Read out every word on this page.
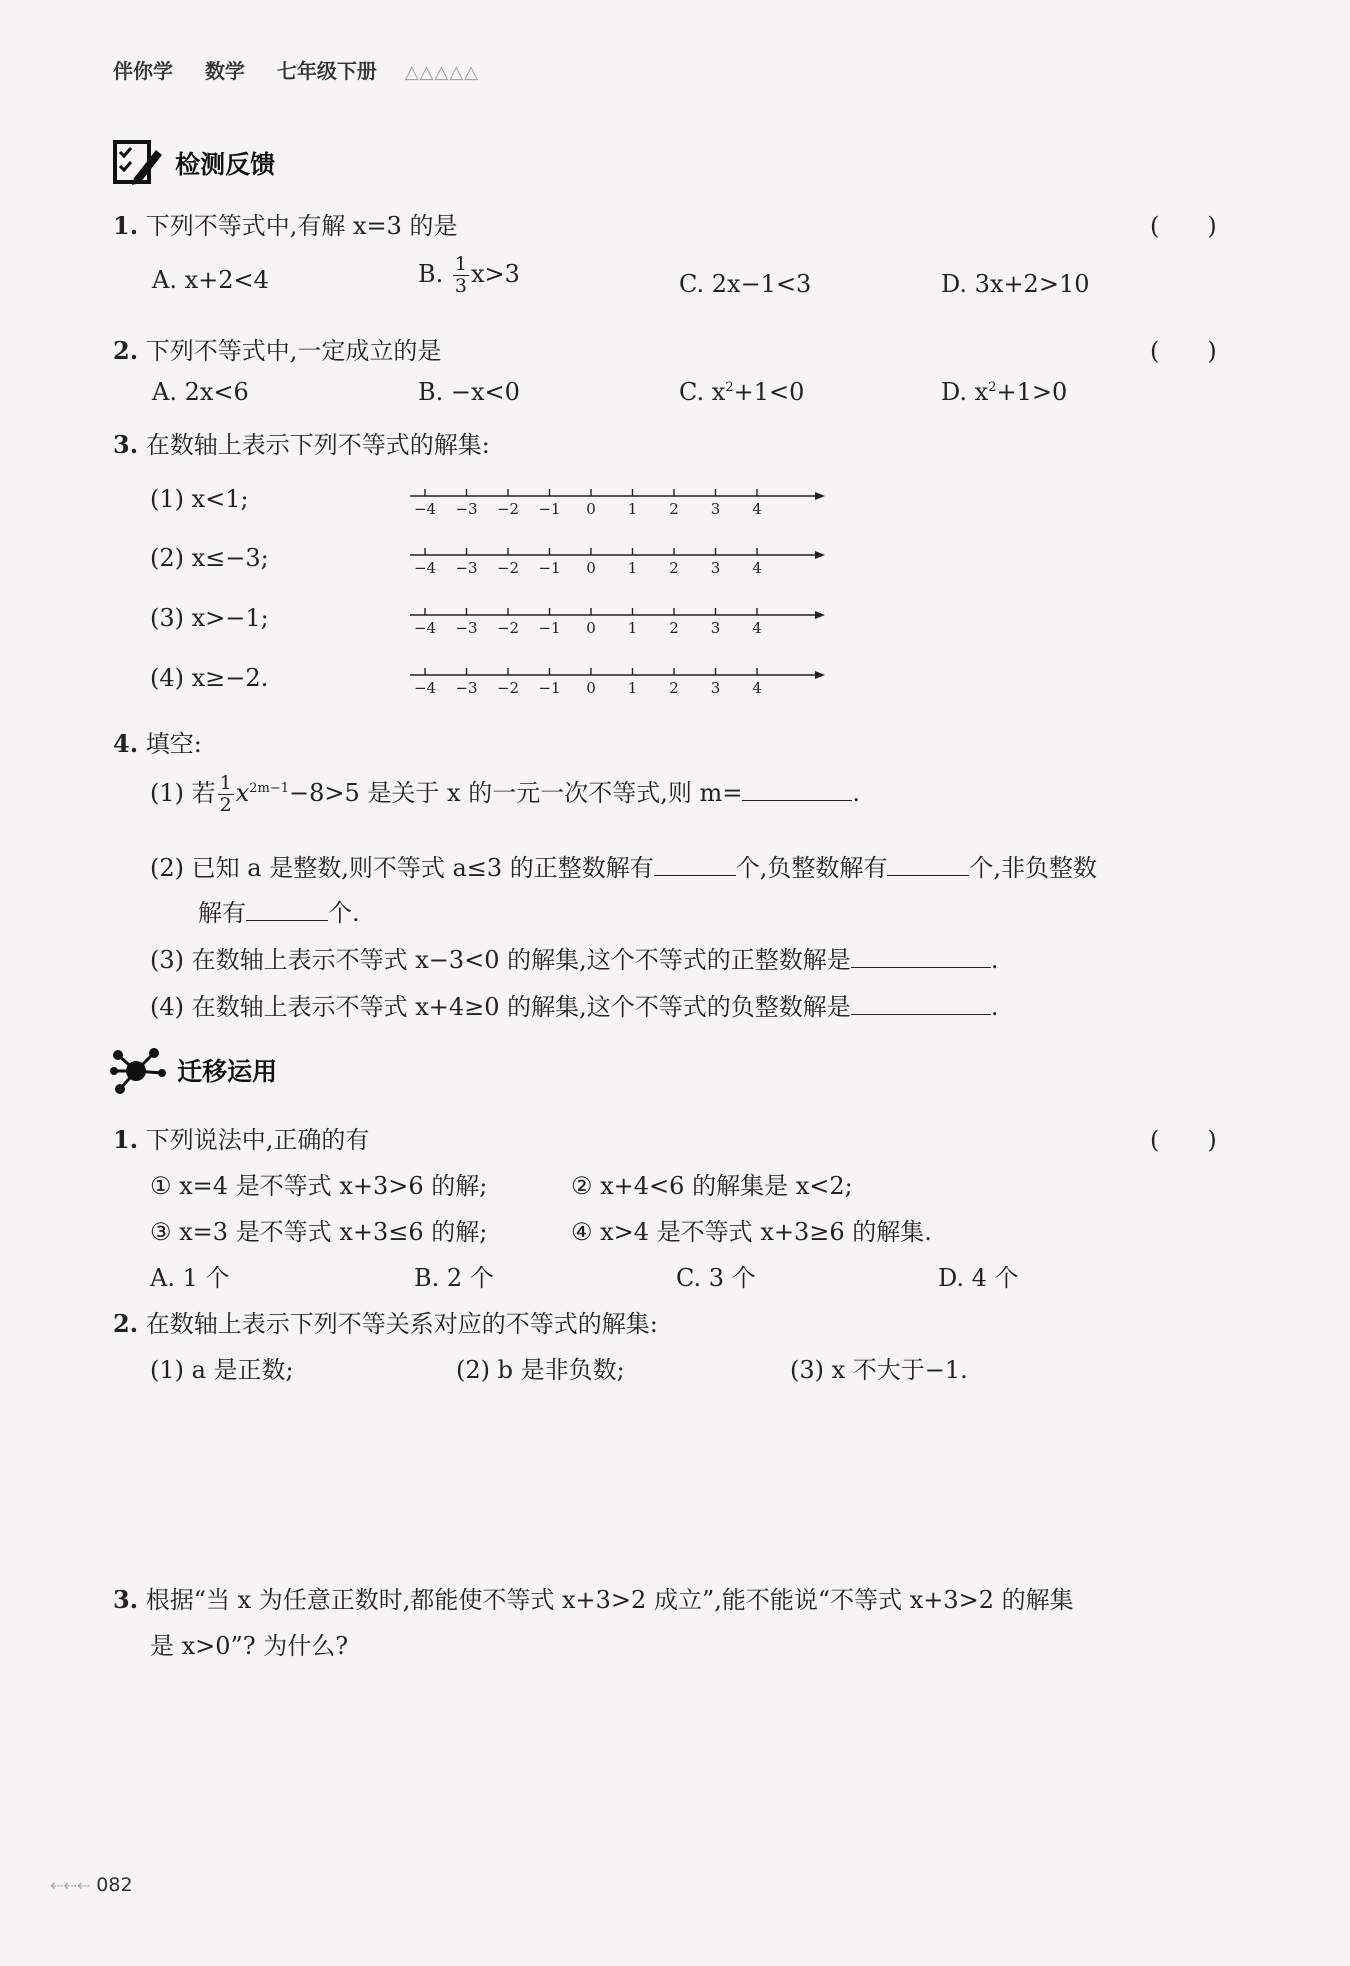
伴你学 数学 七年级下册 △△△△△
检测反馈
1. 下列不等式中,有解 x=3 的是	(　　)
A. x+2<4	B. $\frac{1}{3} x>3$	C. 2x−1<3	D. 3x+2>10
2. 下列不等式中,一定成立的是	(　　)
A. 2x<6	B. −x<0	C. $x^2+1<0$	D. $x^2+1>0$
3. 在数轴上表示下列不等式的解集:
(1) x<1;
(2) x≤−3;
(3) x>−1;
(4) x≥−2.
−4 −3 −2 −1 0 1 2 3 4
−4 −3 −2 −1 0 1 2 3 4
−4 −3 −2 −1 0 1 2 3 4
−4 −3 −2 −1 0 1 2 3 4
4. 填空:
(1) 若 $\frac{1}{2} x^{2m-1}-8>5$ 是关于 x 的一元一次不等式,则 m=	.
(2) 已知 a 是整数,则不等式 a≤3 的正整数解有	个,负整数解有	个,非负整数
解有	个.
(3) 在数轴上表示不等式 x−3<0 的解集,这个不等式的正整数解是	.
(4) 在数轴上表示不等式 x+4≥0 的解集,这个不等式的负整数解是	.
迁移运用
1. 下列说法中,正确的有	(　　)
① x=4 是不等式 x+3>6 的解;	② x+4<6 的解集是 x<2;
③ x=3 是不等式 x+3≤6 的解;	④ x>4 是不等式 x+3≥6 的解集.
A. 1 个	B. 2 个	C. 3 个	D. 4 个
2. 在数轴上表示下列不等关系对应的不等式的解集:
(1) a 是正数;	(2) b 是非负数;	(3) x 不大于−1.
3. 根据“当 x 为任意正数时,都能使不等式 x+3>2 成立”,能不能说“不等式 x+3>2 的解集
是 x>0”? 为什么?
⇠⇠⇠ 082
